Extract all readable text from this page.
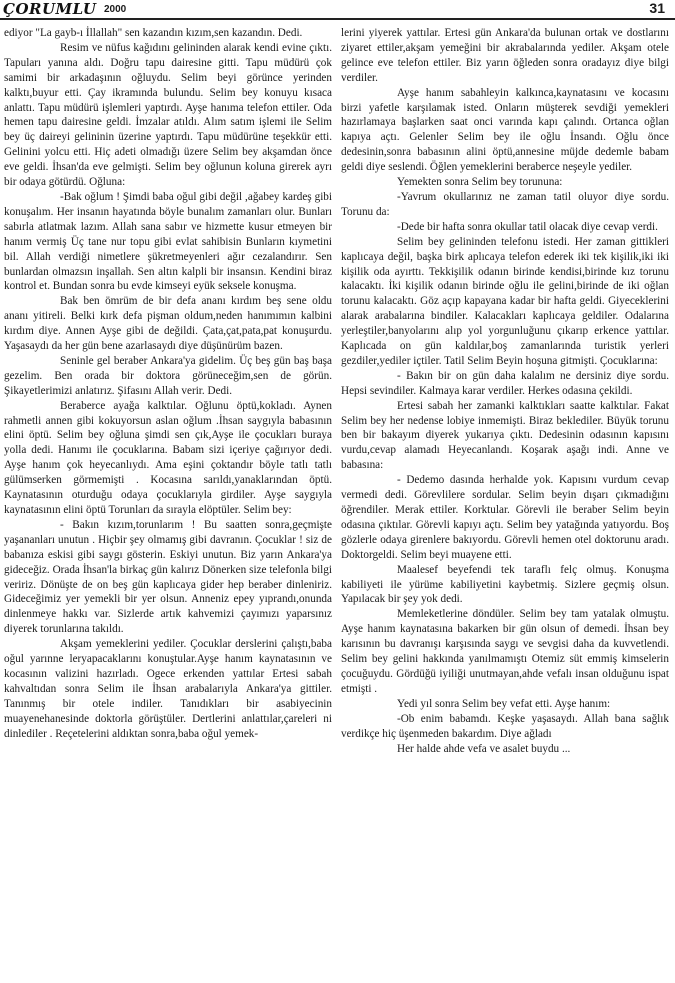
ÇORUMLU 2000	31

ediyor "La gayb-ı İllallah" sen kazandın kızım,sen kazandın. Dedi.

Resim ve nüfus kağıdını gelininden alarak kendi evine çıktı. Tapuları yanına aldı. Doğru tapu dairesine gitti. Tapu müdürü çok samimi bir arkadaşının oğluydu. Selim beyi görünce yerinden kalktı,buyur etti. Çay ikramında bulundu. Selim bey konuyu kısaca anlattı. Tapu müdürü işlemleri yaptırdı. Ayşe hanıma telefon ettiler. Oda hemen tapu dairesine geldi. İmzalar atıldı. Alım satım işlemi ile Selim bey üç daireyi gelininin üzerine yaptırdı. Tapu müdürüne teşekkür etti. Gelinini yolcu etti. Hiç adeti olmadığı üzere Selim bey akşamdan önce eve geldi. İhsan'da eve gelmişti. Selim bey oğlunun koluna girerek ayrı bir odaya götürdü. Oğluna:

-Bak oğlum ! Şimdi baba oğul gibi değil ,ağabey kardeş gibi konuşalım. Her insanın hayatında böyle bunalım zamanları olur. Bunları sabırla atlatmak lazım. Allah sana sabır ve hizmette kusur etmeyen bir hanım vermiş Üç tane nur topu gibi evlat sahibisin Bunların kıymetini bil. Allah verdiği nimetlere şükretmeyenleri ağır cezalandırır. Sen bunlardan olmazsın inşallah. Sen altın kalpli bir insansın. Kendini biraz kontrol et. Bundan sonra bu evde kimseyi eyük seksele konuşma.

Bak ben ömrüm de bir defa ananı kırdım beş sene oldu ananı yitireli. Belki kırk defa pişman oldum,neden hanımımın kalbini kırdım diye. Annen Ayşe gibi de değildi. Çata,çat,pata,pat konuşurdu. Yaşasaydı da her gün bene azarlasaydı diye düşünürüm bazen.

Seninle gel beraber Ankara'ya gidelim. Üç beş gün baş başa gezelim. Ben orada bir doktora görüneceğim,sen de görün. Şikayetlerimizi anlatırız. Şifasını Allah verir. Dedi.

Beraberce ayağa kalktılar. Oğlunu öptü,kokladı. Aynen rahmetli annen gibi kokuyorsun aslan oğlum .İhsan saygıyla babasının elini öptü. Selim bey oğluna şimdi sen çık,Ayşe ile çocukları buraya yolla dedi. Hanımı ile çocuklarına. Babam sizi içeriye çağırıyor dedi. Ayşe hanım çok heyecanlıydı. Ama eşini çoktandır böyle tatlı tatlı gülümserken görmemişti . Kocasına sarıldı,yanaklarından öptü. Kaynatasının oturduğu odaya çocuklarıyla girdiler. Ayşe saygıyla kaynatasının elini öptü Torunları da sırayla elöptüler. Selim bey:

- Bakın kızım,torunlarım ! Bu saatten sonra,geçmişte yaşananları unutun . Hiçbir şey olmamış gibi davranın. Çocuklar ! siz de babanıza eskisi gibi saygı gösterin. Eskiyi unutun. Biz yarın Ankara'ya gideceğiz. Orada İhsan'la birkaç gün kalırız Dönerken size telefonla bilgi veririz. Dönüşte de on beş gün kaplıcaya gider hep beraber dinleniriz. Gideceğimiz yer yemekli bir yer olsun. Anneniz epey yıprandı,onunda dinlenmeye hakkı var. Sizlerde artık kahvemizi çayımızı yaparsınız diyerek torunlarına takıldı.

Akşam yemeklerini yediler. Çocuklar derslerini çalıştı,baba oğul yarınne leryapacaklarını konuştular.Ayşe hanım kaynatasının ve kocasının valizini hazırladı. Ogece erkenden yattılar Ertesi sabah kahvaltıdan sonra Selim ile İhsan arabalarıyla Ankara'ya gittiler. Tanınmış bir otele indiler. Tanıdıkları bir asabiyecinin muayenehanesinde doktorla görüştüler. Dertlerini anlattılar,çareleri ni dinlediler . Reçetelerini aldıktan sonra,baba oğul yemek-

lerini yiyerek yattılar. Ertesi gün Ankara'da bulunan ortak ve dostlarını ziyaret ettiler,akşam yemeğini bir akrabalarında yediler. Akşam otele gelince eve telefon ettiler. Biz yarın öğleden sonra oradayız diye bilgi verdiler.

Ayşe hanım sabahleyin kalkınca,kaynatasını ve kocasını birzi yafetle karşılamak isted. Onların müşterek sevdiği yemekleri hazırlamaya başlarken saat onci varında kapı çalındı. Ortanca oğlan kapıya açtı. Gelenler Selim bey ile oğlu İnsandı. Oğlu önce dedesinin,sonra babasının alini öptü,annesine müjde dedemle babam geldi diye seslendi. Öğlen yemeklerini beraberce neşeyle yediler.

Yemekten sonra Selim bey torununa:

-Yavrum okullarınız ne zaman tatil oluyor diye sordu. Torunu da:

-Dede bir hafta sonra okullar tatil olacak diye cevap verdi.

Selim bey gelininden telefonu istedi. Her zaman gittikleri kaplıcaya değil, başka birk aplıcaya telefon ederek iki tek kişilik,iki iki kişilik oda ayırttı. Tekkişilik odanın birinde kendisi,birinde kız torunu kalacaktı. İki kişilik odanın birinde oğlu ile gelini,birinde de iki oğlan torunu kalacaktı. Göz açıp kapayana kadar bir hafta geldi. Giyeceklerini alarak arabalarına bindiler. Kalacakları kaplıcaya geldiler. Odalarına yerleştiler,banyolarını alıp yol yorgunluğunu çıkarıp erkence yattılar. Kaplıcada on gün kaldılar,boş zamanlarında turistik yerleri gezdiler,yediler içtiler. Tatil Selim Beyin hoşuna gitmişti. Çocuklarına:

- Bakın bir on gün daha kalalım ne dersiniz diye sordu. Hepsi sevindiler. Kalmaya karar verdiler. Herkes odasına çekildi.

Ertesi sabah her zamanki kalktıkları saatte kalktılar. Fakat Selim bey her nedense lobiye inmemişti. Biraz beklediler. Büyük torunu ben bir bakayım diyerek yukarıya çıktı. Dedesinin odasının kapısını vurdu,cevap alamadı Heyecanlandı. Koşarak aşağı indi. Anne ve babasına:

- Dedemo dasında herhalde yok. Kapısını vurdum cevap vermedi dedi. Görevlilere sordular. Selim beyin dışarı çıkmadığını öğrendiler. Merak ettiler. Korktular. Görevli ile beraber Selim beyin odasına çıktılar. Görevli kapıyı açtı. Selim bey yatağında yatıyordu. Boş gözlerle odaya girenlere bakıyordu. Görevli hemen otel doktorunu aradı. Doktorgeldi. Selim beyi muayene etti.

Maalesef beyefendi tek taraflı felç olmuş. Konuşma kabiliyeti ile yürüme kabiliyetini kaybetmiş. Sizlere geçmiş olsun. Yapılacak bir şey yok dedi.

Memleketlerine döndüler. Selim bey tam yatalak olmuştu. Ayşe hanım kaynatasına bakarken bir gün olsun of demedi. İhsan bey karısının bu davranışı karşısında saygı ve sevgisi daha da kuvvetlendi. Selim bey gelini hakkında yanılmamıştı Otemiz süt emmiş kimselerin çocuğuydu. Gördüğü iyiliği unutmayan,ahde vefalı insan olduğunu ispat etmişti .

Yedi yıl sonra Selim bey vefat etti. Ayşe hanım:

-Ob enim babamdı. Keşke yaşasaydı. Allah bana sağlık verdikçe hiç üşenmeden bakardım. Diye ağladı

Her halde ahde vefa ve asalet buydu ...
